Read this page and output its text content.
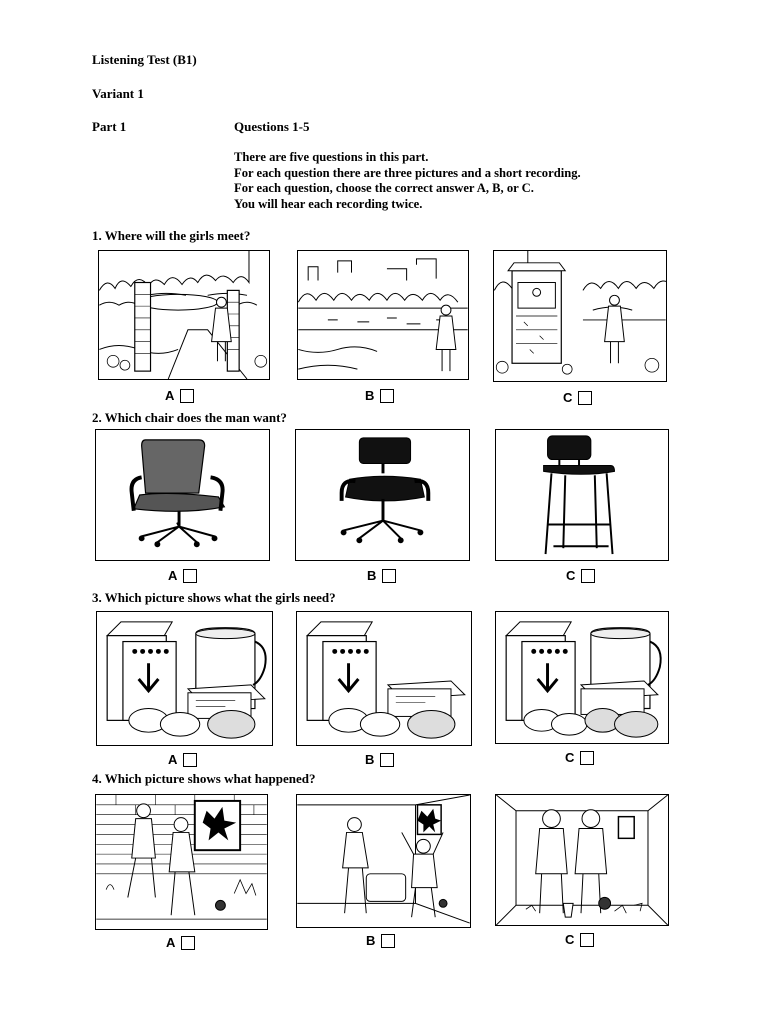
Listening Test (B1)
Variant 1
Part 1	Questions 1-5
There are five questions in this part.
For each question there are three pictures and a short recording.
For each question, choose the correct answer A, B, or C.
You will hear each recording twice.
1. Where will the girls meet?
A	B	C
2. Which chair does the man want?
A	B	C
3. Which picture shows what the girls need?
A	B	C
4. Which picture shows what happened?
A	B	C
